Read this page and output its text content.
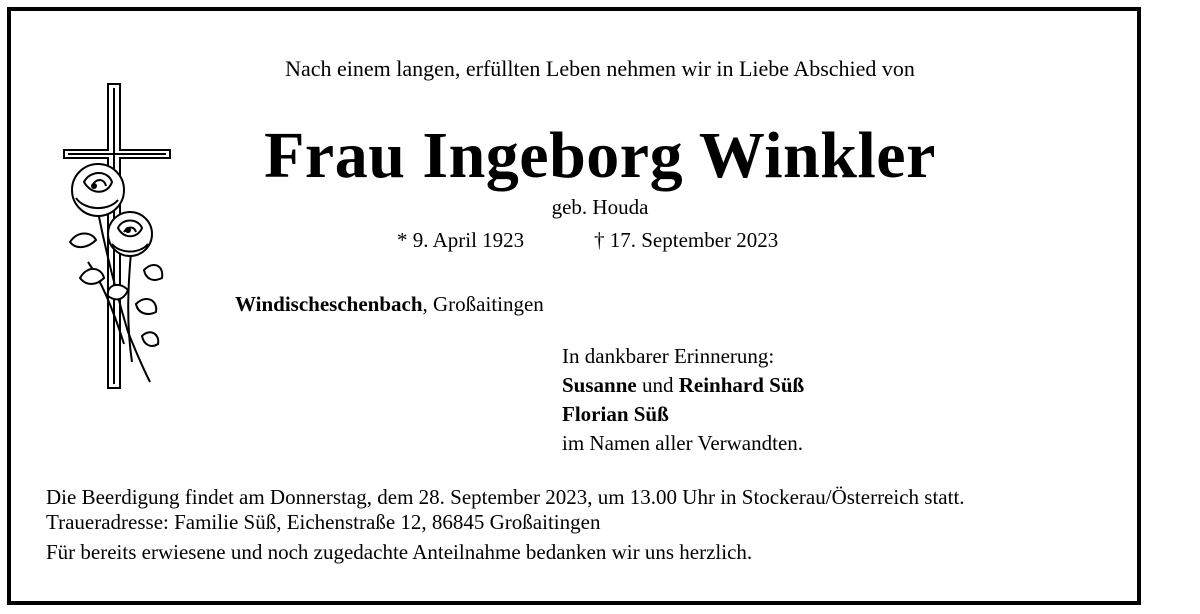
Nach einem langen, erfüllten Leben nehmen wir in Liebe Abschied von
Frau Ingeborg Winkler
geb. Houda
* 9. April 1923	† 17. September 2023
Windischeschenbach, Großaitingen
In dankbarer Erinnerung:
Susanne und Reinhard Süß
Florian Süß
im Namen aller Verwandten.
Die Beerdigung findet am Donnerstag, dem 28. September 2023, um 13.00 Uhr in Stockerau/Österreich statt.
Traueradresse: Familie Süß, Eichenstraße 12, 86845 Großaitingen
Für bereits erwiesene und noch zugedachte Anteilnahme bedanken wir uns herzlich.
